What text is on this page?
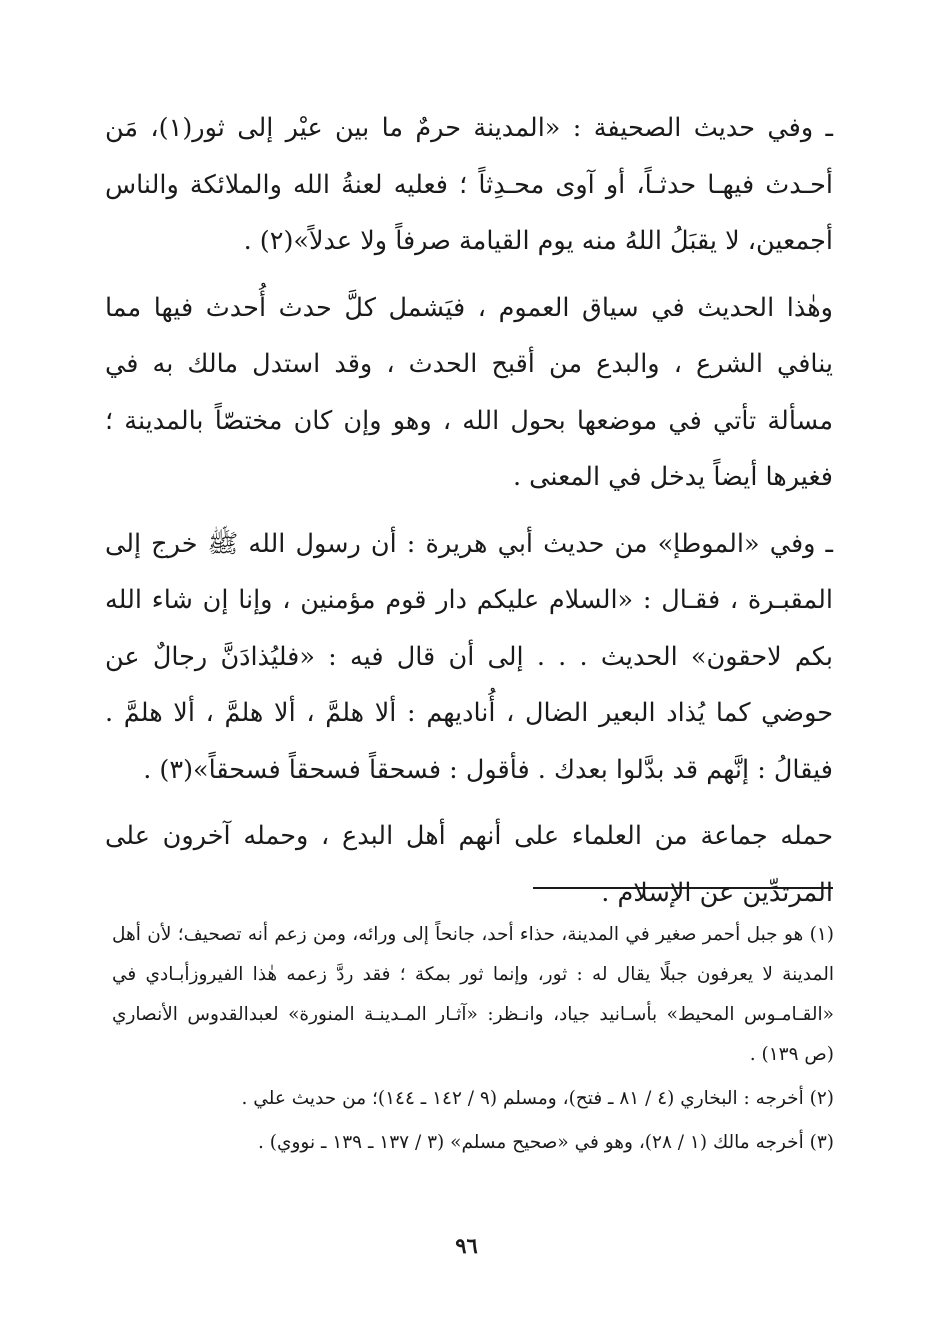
ـ وفي حديث الصحيفة : «المدينة حرمٌ ما بين عيْر إلى ثور(١)، مَن أحـدث فيهـا حدثـاً، أو آوى محـدِثاً ؛ فعليه لعنةُ الله والملائكة والناس أجمعين، لا يقبَلُ اللهُ منه يوم القيامة صرفاً ولا عدلاً»(٢) .

وهٰذا الحديث في سياق العموم ، فيَشمل كلَّ حدث أُحدث فيها مما ينافي الشرع ، والبدع من أقبح الحدث ، وقد استدل مالك به في مسألة تأتي في موضعها بحول الله ، وهو وإن كان مختصّاً بالمدينة ؛ فغيرها أيضاً يدخل في المعنى .

ـ وفي «الموطإ» من حديث أبي هريرة : أن رسول الله ﷺ خرج إلى المقبـرة ، فقـال : «السلام عليكم دار قوم مؤمنين ، وإنا إن شاء الله بكم لاحقون» الحديث . . . إلى أن قال فيه : «فليُذادَنَّ رجالٌ عن حوضي كما يُذاد البعير الضال ، أُناديهم : ألا هلمَّ ، ألا هلمَّ ، ألا هلمَّ . فيقالُ : إنَّهم قد بدَّلوا بعدك . فأقول : فسحقاً فسحقاً فسحقاً»(٣) .

حمله جماعة من العلماء على أنهم أهل البدع ، وحمله آخرون على المرتدِّين عن الإسلام .

(١) هو جبل أحمر صغير في المدينة، حذاء أحد، جانحاً إلى ورائه، ومن زعم أنه تصحيف؛ لأن أهل المدينة لا يعرفون جبلًا يقال له : ثور، وإنما ثور بمكة ؛ فقد ردَّ زعمه هٰذا الفيروزأبـادي في «القـامـوس المحيط» بأسـانيد جياد، وانـظر: «آثـار المـدينـة المنورة» لعبدالقدوس الأنصاري (ص ١٣٩) .

(٢) أخرجه : البخاري (٤ / ٨١ ـ فتح)، ومسلم (٩ / ١٤٢ ـ ١٤٤)؛ من حديث علي .

(٣) أخرجه مالك (١ / ٢٨)، وهو في «صحيح مسلم» (٣ / ١٣٧ ـ ١٣٩ ـ نووي) .

٩٦
